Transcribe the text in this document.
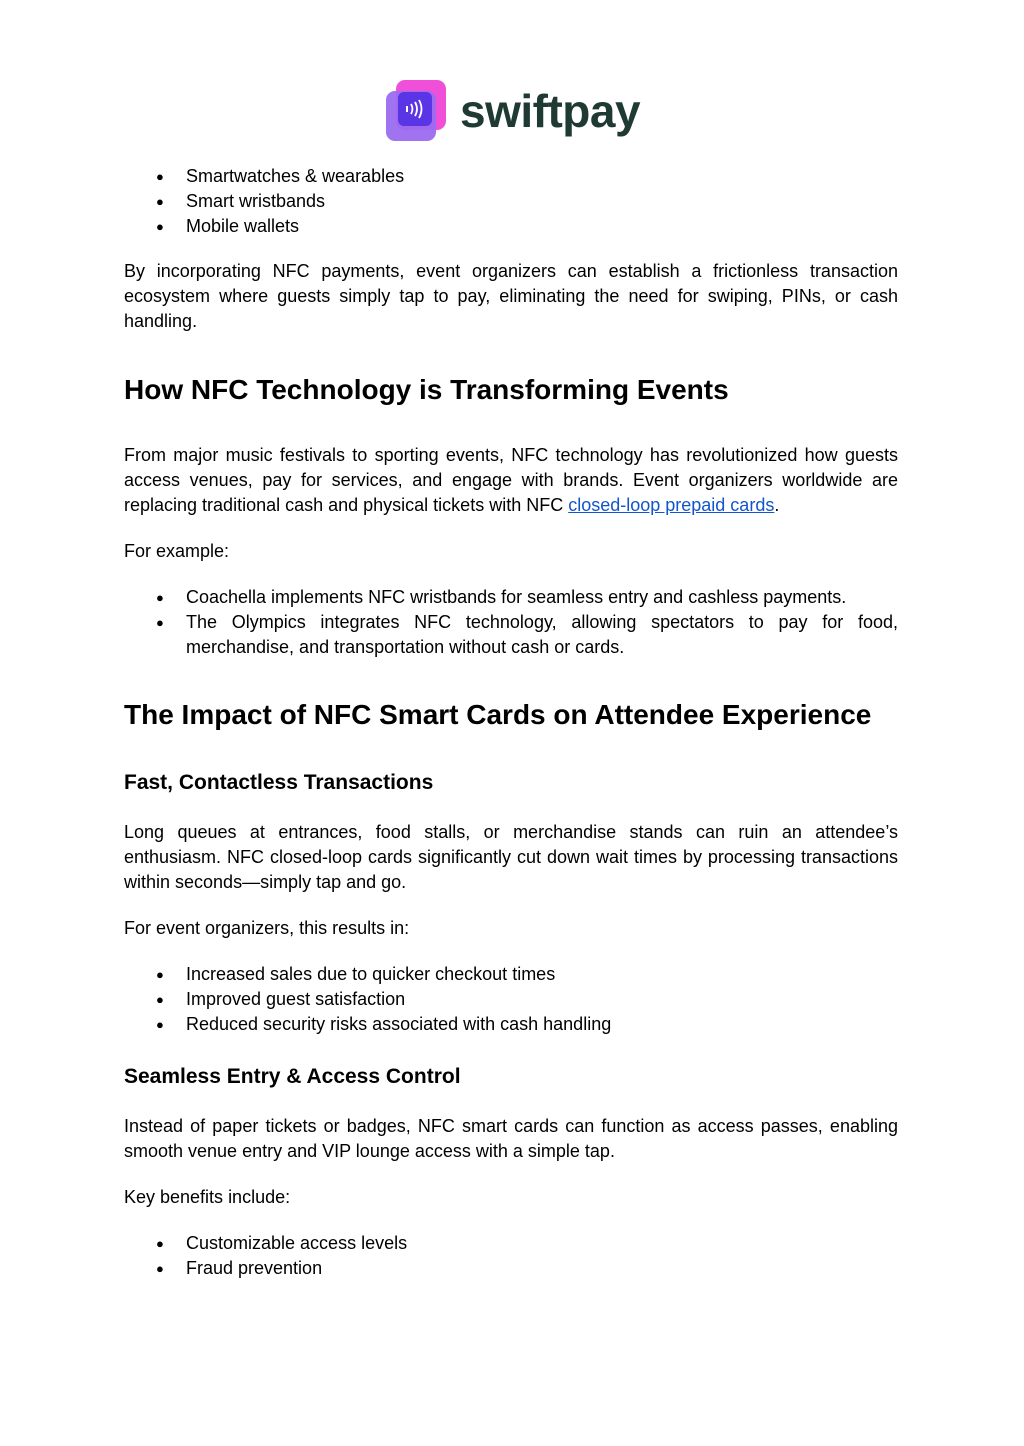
swiftpay
● Smartwatches & wearables
● Smart wristbands
● Mobile wallets

By incorporating NFC payments, event organizers can establish a frictionless transaction ecosystem where guests simply tap to pay, eliminating the need for swiping, PINs, or cash handling.

How NFC Technology is Transforming Events

From major music festivals to sporting events, NFC technology has revolutionized how guests access venues, pay for services, and engage with brands. Event organizers worldwide are replacing traditional cash and physical tickets with NFC closed-loop prepaid cards.

For example:

● Coachella implements NFC wristbands for seamless entry and cashless payments.
● The Olympics integrates NFC technology, allowing spectators to pay for food, merchandise, and transportation without cash or cards.
The Impact of NFC Smart Cards on Attendee Experience
Fast, Contactless Transactions

Long queues at entrances, food stalls, or merchandise stands can ruin an attendee’s enthusiasm. NFC closed-loop cards significantly cut down wait times by processing transactions within seconds—simply tap and go.

For event organizers, this results in:

● Increased sales due to quicker checkout times
● Improved guest satisfaction
● Reduced security risks associated with cash handling
Seamless Entry & Access Control

Instead of paper tickets or badges, NFC smart cards can function as access passes, enabling smooth venue entry and VIP lounge access with a simple tap.

Key benefits include:

● Customizable access levels
● Fraud prevention
